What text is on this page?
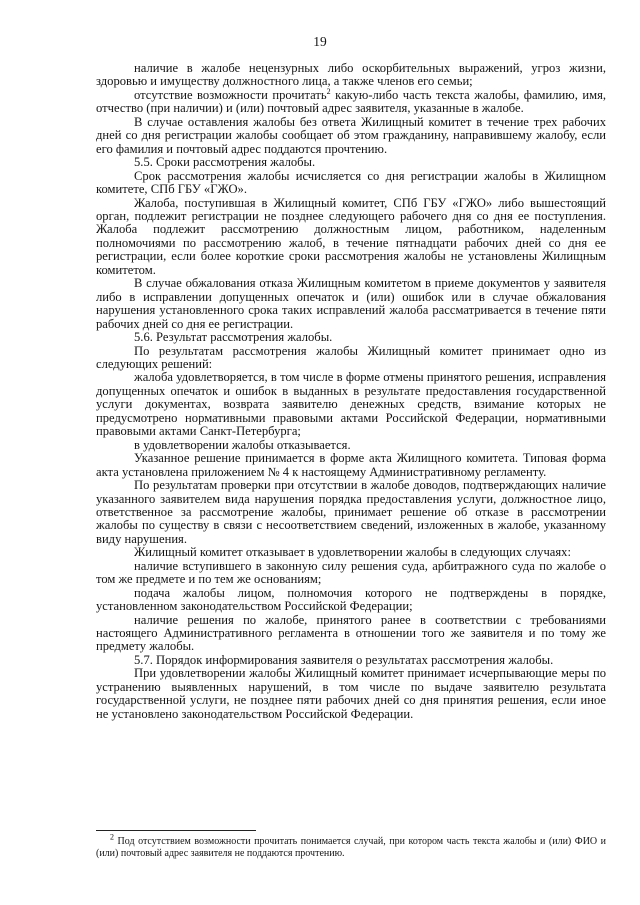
19

наличие в жалобе нецензурных либо оскорбительных выражений, угроз жизни, здоровью и имуществу должностного лица, а также членов его семьи;

отсутствие возможности прочитать$^2$ какую-либо часть текста жалобы, фамилию, имя, отчество (при наличии) и (или) почтовый адрес заявителя, указанные в жалобе.

В случае оставления жалобы без ответа Жилищный комитет в течение трех рабочих дней со дня регистрации жалобы сообщает об этом гражданину, направившему жалобу, если его фамилия и почтовый адрес поддаются прочтению.

5.5. Сроки рассмотрения жалобы.

Срок рассмотрения жалобы исчисляется со дня регистрации жалобы в Жилищном комитете, СПб ГБУ «ГЖО».

Жалоба, поступившая в Жилищный комитет, СПб ГБУ «ГЖО» либо вышестоящий орган, подлежит регистрации не позднее следующего рабочего дня со дня ее поступления. Жалоба подлежит рассмотрению должностным лицом, работником, наделенным полномочиями по рассмотрению жалоб, в течение пятнадцати рабочих дней со дня ее регистрации, если более короткие сроки рассмотрения жалобы не установлены Жилищным комитетом.

В случае обжалования отказа Жилищным комитетом в приеме документов у заявителя либо в исправлении допущенных опечаток и (или) ошибок или в случае обжалования нарушения установленного срока таких исправлений жалоба рассматривается в течение пяти рабочих дней со дня ее регистрации.

5.6. Результат рассмотрения жалобы.

По результатам рассмотрения жалобы Жилищный комитет принимает одно из следующих решений:

жалоба удовлетворяется, в том числе в форме отмены принятого решения, исправления допущенных опечаток и ошибок в выданных в результате предоставления государственной услуги документах, возврата заявителю денежных средств, взимание которых не предусмотрено нормативными правовыми актами Российской Федерации, нормативными правовыми актами Санкт-Петербурга;

в удовлетворении жалобы отказывается.

Указанное решение принимается в форме акта Жилищного комитета. Типовая форма акта установлена приложением № 4 к настоящему Административному регламенту.

По результатам проверки при отсутствии в жалобе доводов, подтверждающих наличие указанного заявителем вида нарушения порядка предоставления услуги, должностное лицо, ответственное за рассмотрение жалобы, принимает решение об отказе в рассмотрении жалобы по существу в связи с несоответствием сведений, изложенных в жалобе, указанному виду нарушения.

Жилищный комитет отказывает в удовлетворении жалобы в следующих случаях:

наличие вступившего в законную силу решения суда, арбитражного суда по жалобе о том же предмете и по тем же основаниям;

подача жалобы лицом, полномочия которого не подтверждены в порядке, установленном законодательством Российской Федерации;

наличие решения по жалобе, принятого ранее в соответствии с требованиями настоящего Административного регламента в отношении того же заявителя и по тому же предмету жалобы.

5.7. Порядок информирования заявителя о результатах рассмотрения жалобы.

При удовлетворении жалобы Жилищный комитет принимает исчерпывающие меры по устранению выявленных нарушений, в том числе по выдаче заявителю результата государственной услуги, не позднее пяти рабочих дней со дня принятия решения, если иное не установлено законодательством Российской Федерации.

$^2$ Под отсутствием возможности прочитать понимается случай, при котором часть текста жалобы и (или) ФИО и (или) почтовый адрес заявителя не поддаются прочтению.
